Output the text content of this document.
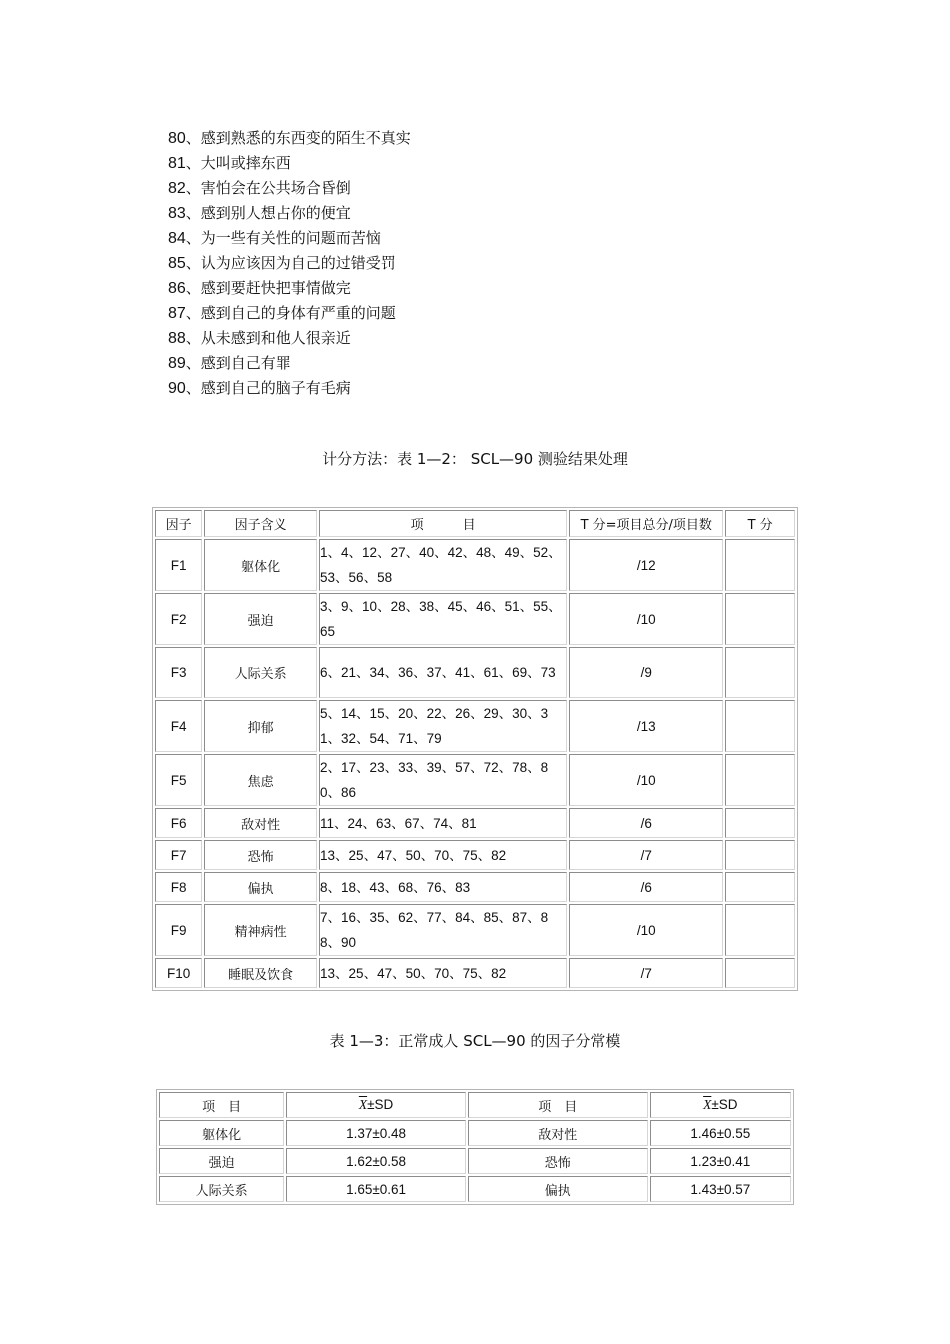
80、感到熟悉的东西变的陌生不真实
81、大叫或摔东西
82、害怕会在公共场合昏倒
83、感到别人想占你的便宜
84、为一些有关性的问题而苦恼
85、认为应该因为自己的过错受罚
86、感到要赶快把事情做完
87、感到自己的身体有严重的问题
88、从未感到和他人很亲近
89、感到自己有罪
90、感到自己的脑子有毛病
计分方法：表 1—2： SCL—90 测验结果处理
因子	因子含义	项　　　目	T 分=项目总分/项目数	T 分
F1	躯体化	1、4、12、27、40、42、48、49、52、53、56、58	/12	
F2	强迫	3、9、10、28、38、45、46、51、55、65	/10	
F3	人际关系	6、21、34、36、37、41、61、69、73	/9	
F4	抑郁	5、14、15、20、22、26、29、30、31、32、54、71、79	/13	
F5	焦虑	2、17、23、33、39、57、72、78、80、86	/10	
F6	敌对性	11、24、63、67、74、81	/6	
F7	恐怖	13、25、47、50、70、75、82	/7	
F8	偏执	8、18、43、68、76、83	/6	
F9	精神病性	7、16、35、62、77、84、85、87、88、90	/10	
F10	睡眠及饮食	13、25、47、50、70、75、82	/7	
表 1—3：正常成人 SCL—90 的因子分常模
项　目	$\overline{X}\pm SD$	项　目	$\overline{X}\pm SD$
躯体化	1.37±0.48	敌对性	1.46±0.55
强迫	1.62±0.58	恐怖	1.23±0.41
人际关系	1.65±0.61	偏执	1.43±0.57
